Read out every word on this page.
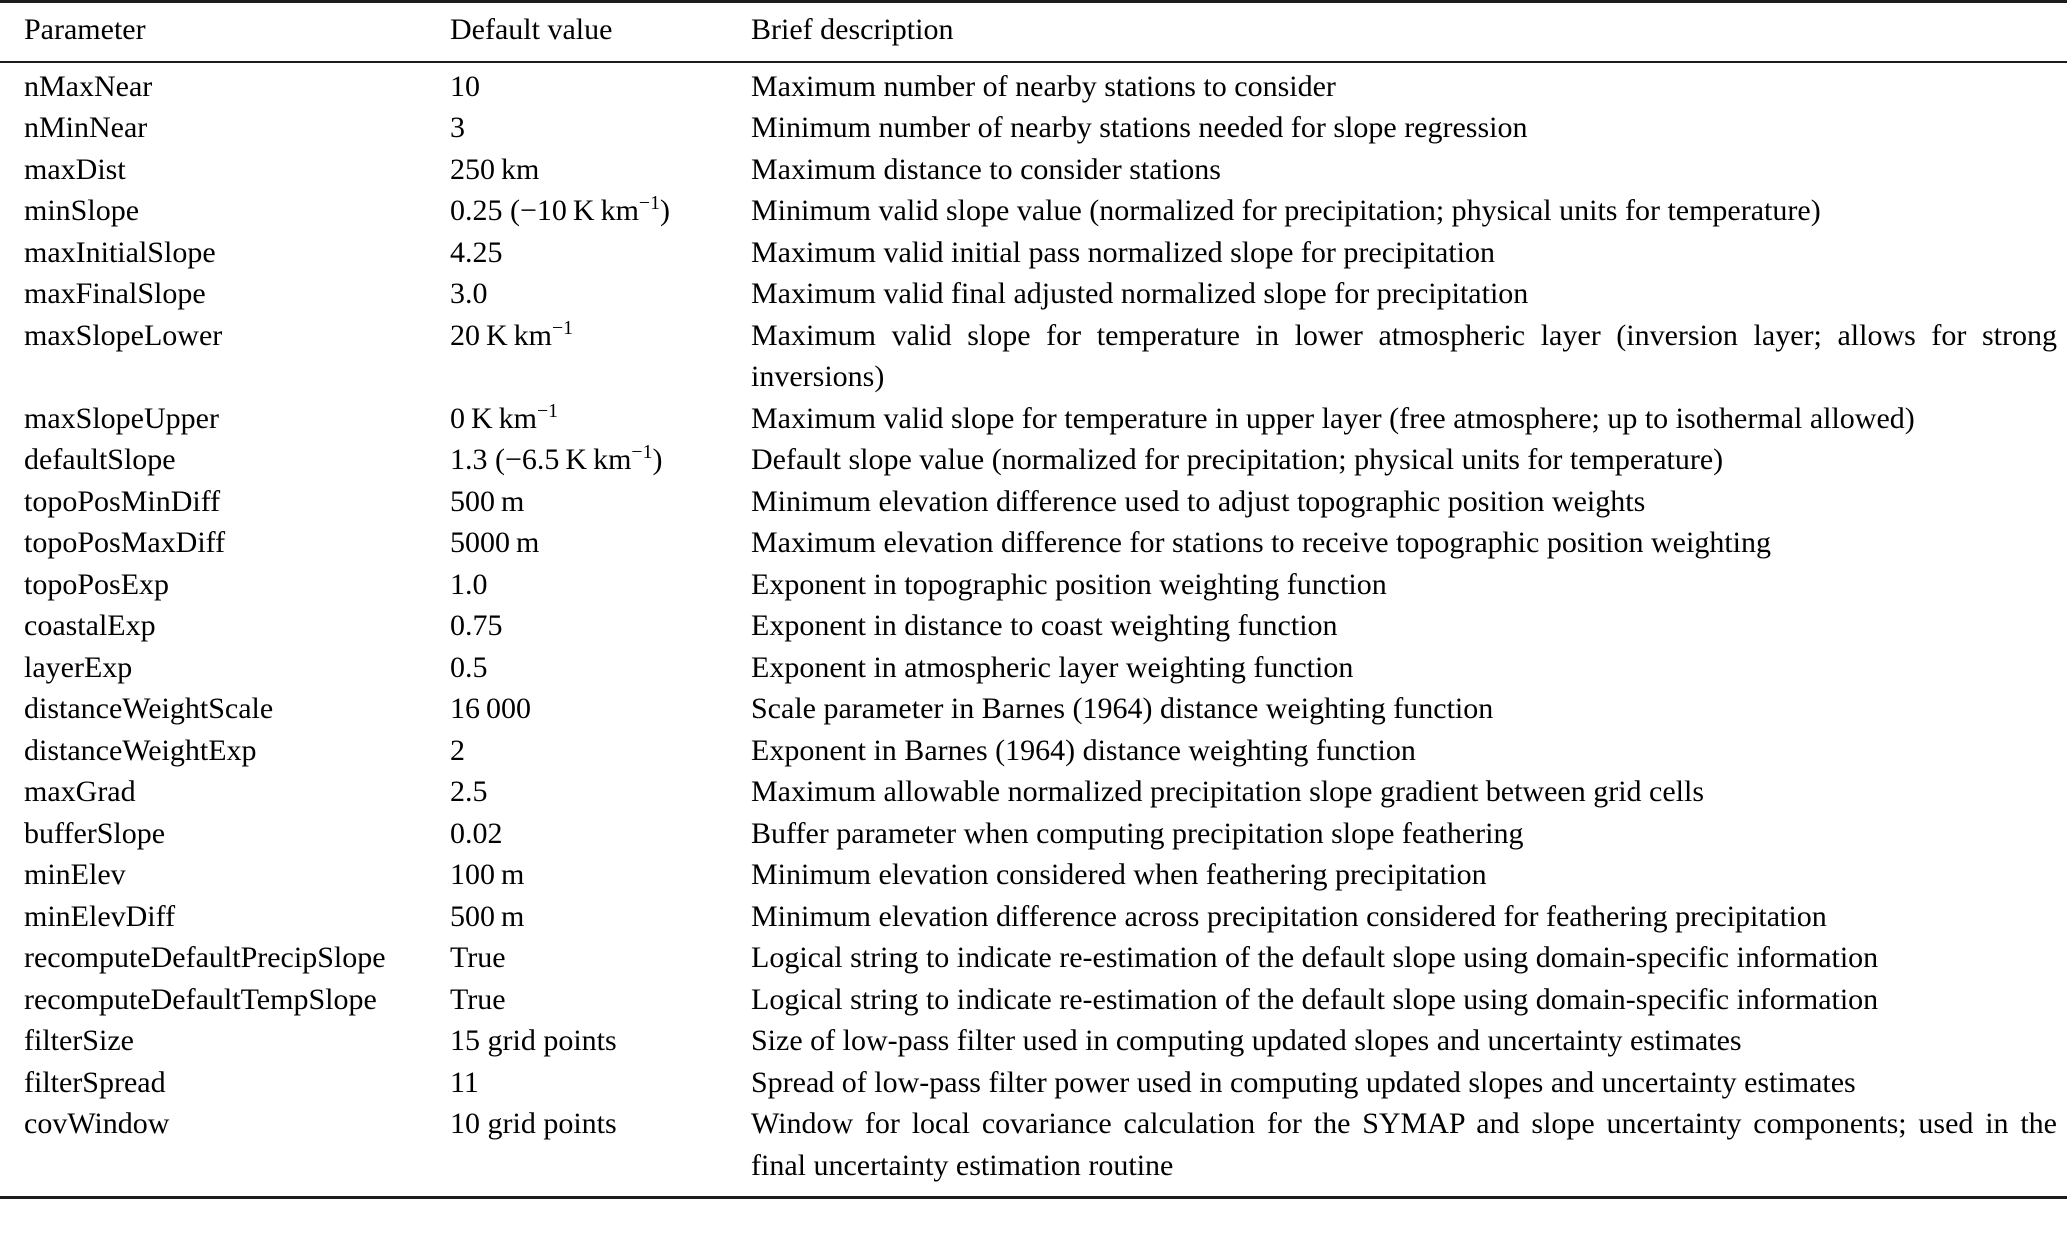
Parameter	Default value	Brief description
nMaxNear	10	Maximum number of nearby stations to consider
nMinNear	3	Minimum number of nearby stations needed for slope regression
maxDist	250 km	Maximum distance to consider stations
minSlope	0.25 (−10 K $km^{-1}$)	Minimum valid slope value (normalized for precipitation; physical units for temperature)
maxInitialSlope	4.25	Maximum valid initial pass normalized slope for precipitation
maxFinalSlope	3.0	Maximum valid final adjusted normalized slope for precipitation
maxSlopeLower	20 K $km^{-1}$	Maximum valid slope for temperature in lower atmospheric layer (inversion layer; allows for strong inversions)
maxSlopeUpper	0 K $km^{-1}$	Maximum valid slope for temperature in upper layer (free atmosphere; up to isothermal allowed)
defaultSlope	1.3 (−6.5 K $km^{-1}$)	Default slope value (normalized for precipitation; physical units for temperature)
topoPosMinDiff	500 m	Minimum elevation difference used to adjust topographic position weights
topoPosMaxDiff	5000 m	Maximum elevation difference for stations to receive topographic position weighting
topoPosExp	1.0	Exponent in topographic position weighting function
coastalExp	0.75	Exponent in distance to coast weighting function
layerExp	0.5	Exponent in atmospheric layer weighting function
distanceWeightScale	16 000	Scale parameter in Barnes (1964) distance weighting function
distanceWeightExp	2	Exponent in Barnes (1964) distance weighting function
maxGrad	2.5	Maximum allowable normalized precipitation slope gradient between grid cells
bufferSlope	0.02	Buffer parameter when computing precipitation slope feathering
minElev	100 m	Minimum elevation considered when feathering precipitation
minElevDiff	500 m	Minimum elevation difference across precipitation considered for feathering precipitation
recomputeDefaultPrecipSlope	True	Logical string to indicate re-estimation of the default slope using domain-specific information
recomputeDefaultTempSlope	True	Logical string to indicate re-estimation of the default slope using domain-specific information
filterSize	15 grid points	Size of low-pass filter used in computing updated slopes and uncertainty estimates
filterSpread	11	Spread of low-pass filter power used in computing updated slopes and uncertainty estimates
covWindow	10 grid points	Window for local covariance calculation for the SYMAP and slope uncertainty components; used in the final uncertainty estimation routine
